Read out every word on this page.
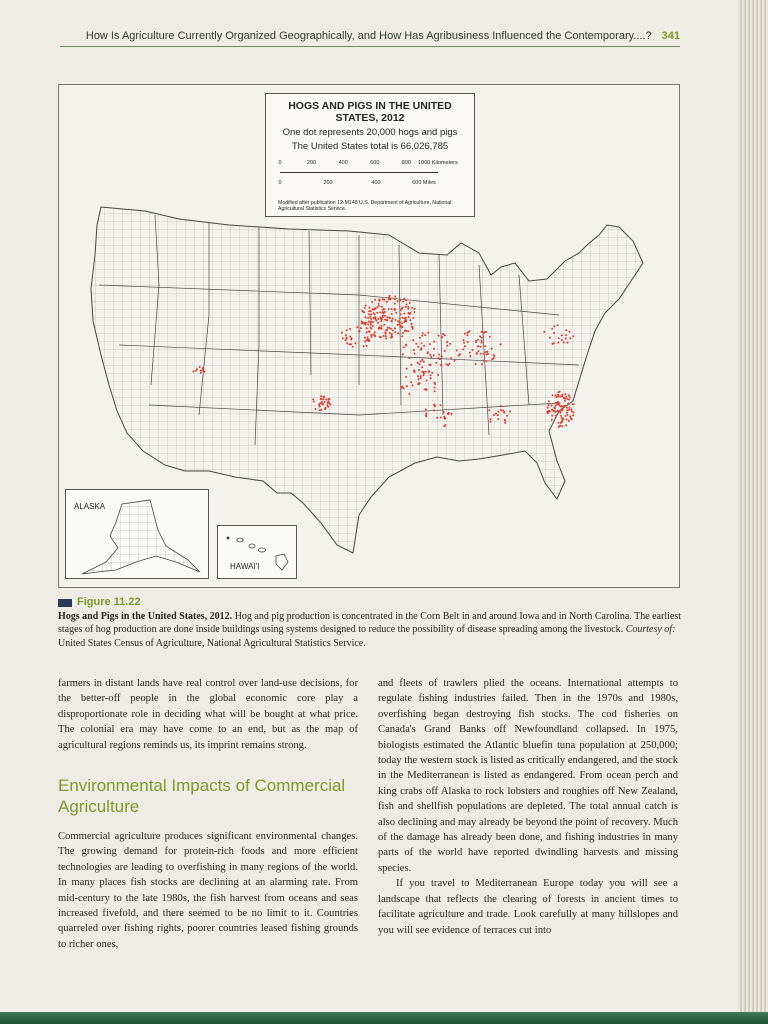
How Is Agriculture Currently Organized Geographically, and How Has Agribusiness Influenced the Contemporary....? 341
HOGS AND PIGS IN THE UNITED STATES, 2012
One dot represents 20,000 hogs and pigs
The United States total is 66,026,785
0	200	400	600	800 1000 Kilometers
0	200	400	600 Miles
Modified after publication 12-M148 U.S. Department of Agriculture, National Agricultural Statistics Service.
ALASKA
HAWAI'I
Figure 11.22
Hogs and Pigs in the United States, 2012. Hog and pig production is concentrated in the Corn Belt in and around Iowa and in North Carolina. The earliest stages of hog production are done inside buildings using systems designed to reduce the possibility of disease spreading among the livestock. Courtesy of: United States Census of Agriculture, National Agricultural Statistics Service.

farmers in distant lands have real control over land-use decisions, for the better-off people in the global economic core play a disproportionate role in deciding what will be bought at what price. The colonial era may have come to an end, but as the map of agricultural regions reminds us, its imprint remains strong.

Environmental Impacts of Commercial Agriculture

Commercial agriculture produces significant environmental changes. The growing demand for protein-rich foods and more efficient technologies are leading to overfishing in many regions of the world. In many places fish stocks are declining at an alarming rate. From mid-century to the late 1980s, the fish harvest from oceans and seas increased fivefold, and there seemed to be no limit to it. Countries quarreled over fishing rights, poorer countries leased fishing grounds to richer ones,

and fleets of trawlers plied the oceans. International attempts to regulate fishing industries failed. Then in the 1970s and 1980s, overfishing began destroying fish stocks. The cod fisheries on Canada's Grand Banks off Newfoundland collapsed. In 1975, biologists estimated the Atlantic bluefin tuna population at 250,000; today the western stock is listed as critically endangered, and the stock in the Mediterranean is listed as endangered. From ocean perch and king crabs off Alaska to rock lobsters and roughies off New Zealand, fish and shellfish populations are depleted. The total annual catch is also declining and may already be beyond the point of recovery. Much of the damage has already been done, and fishing industries in many parts of the world have reported dwindling harvests and missing species.

If you travel to Mediterranean Europe today you will see a landscape that reflects the clearing of forests in ancient times to facilitate agriculture and trade. Look carefully at many hillslopes and you will see evidence of terraces cut into
